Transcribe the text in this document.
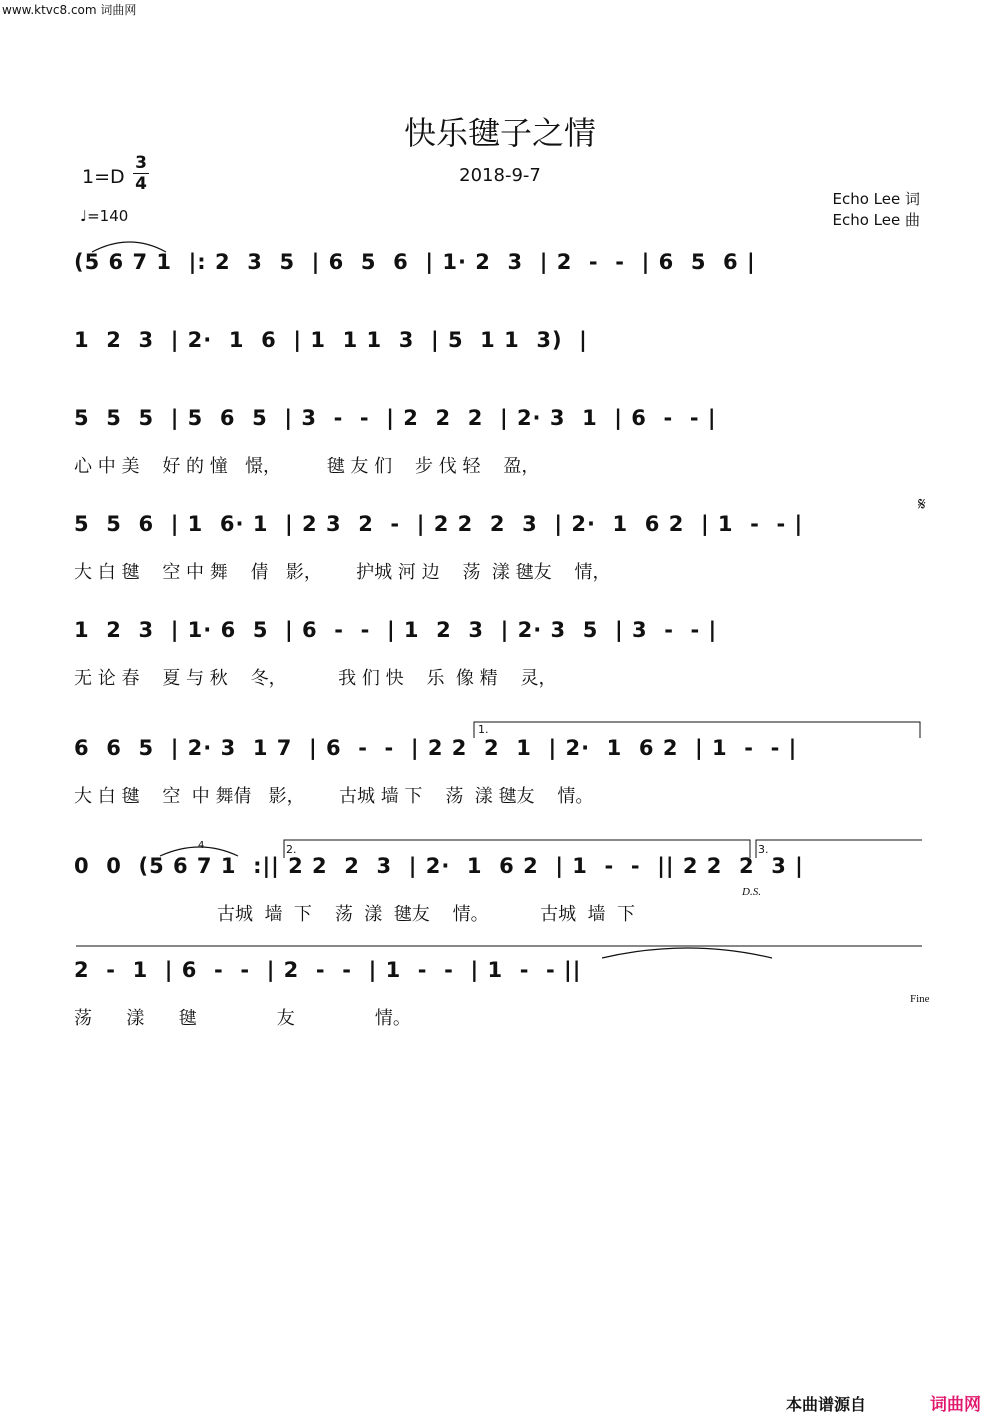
www.ktvc8.com 词曲网
快乐毽子之情
2018-9-7
$1=D \frac{3}{4}$
♩=140
Echo Lee 词
Echo Lee 曲
(5 6 7 1  |: 2  3  5  | 6  5  6  | 1· 2  3  | 2  -  -  | 6  5  6 |
1  2  3  | 2·  1  6  | 1  1 1  3  | 5  1 1  3)  |
5  5  5  | 5  6  5  | 3  -  -  | 2  2  2  | 2· 3  1  | 6  -  - |
心 中 美    好 的 憧   憬，        毽 友 们    步 伐 轻    盈，
5  5  6  | 1  6· 1  | 2 3  2  -  | 2 2  2  3  | 2·  1  6 2  | 1  -  - |
大 白 毽    空 中 舞    倩   影，      护城 河 边    荡  漾 毽友    情，
1  2  3  | 1· 6  5  | 6  -  -  | 1  2  3  | 2· 3  5  | 3  -  - |
无 论 春    夏 与 秋    冬，         我 们 快    乐  像 精    灵，
6  6  5  | 2· 3  1 7  | 6  -  -  | 2 2  2  1  | 2·  1  6 2  | 1  -  - |
大 白 毽    空  中 舞倩   影，      古城 墙 下    荡  漾 毽友    情。
0  0  (5 6 7 1  :|| 2 2  2  3  | 2·  1  6 2  | 1  -  -  || 2 2  2  3 |
古城  墙  下    荡  漾  毽友    情。         古城  墙  下
2  -  1  | 6  -  -  | 2  -  -  | 1  -  -  | 1  -  - ||
荡      漾      毽              友              情。
𝄋
1.
2.	3.
D.S.
Fine
4
本曲谱源自	词曲网
